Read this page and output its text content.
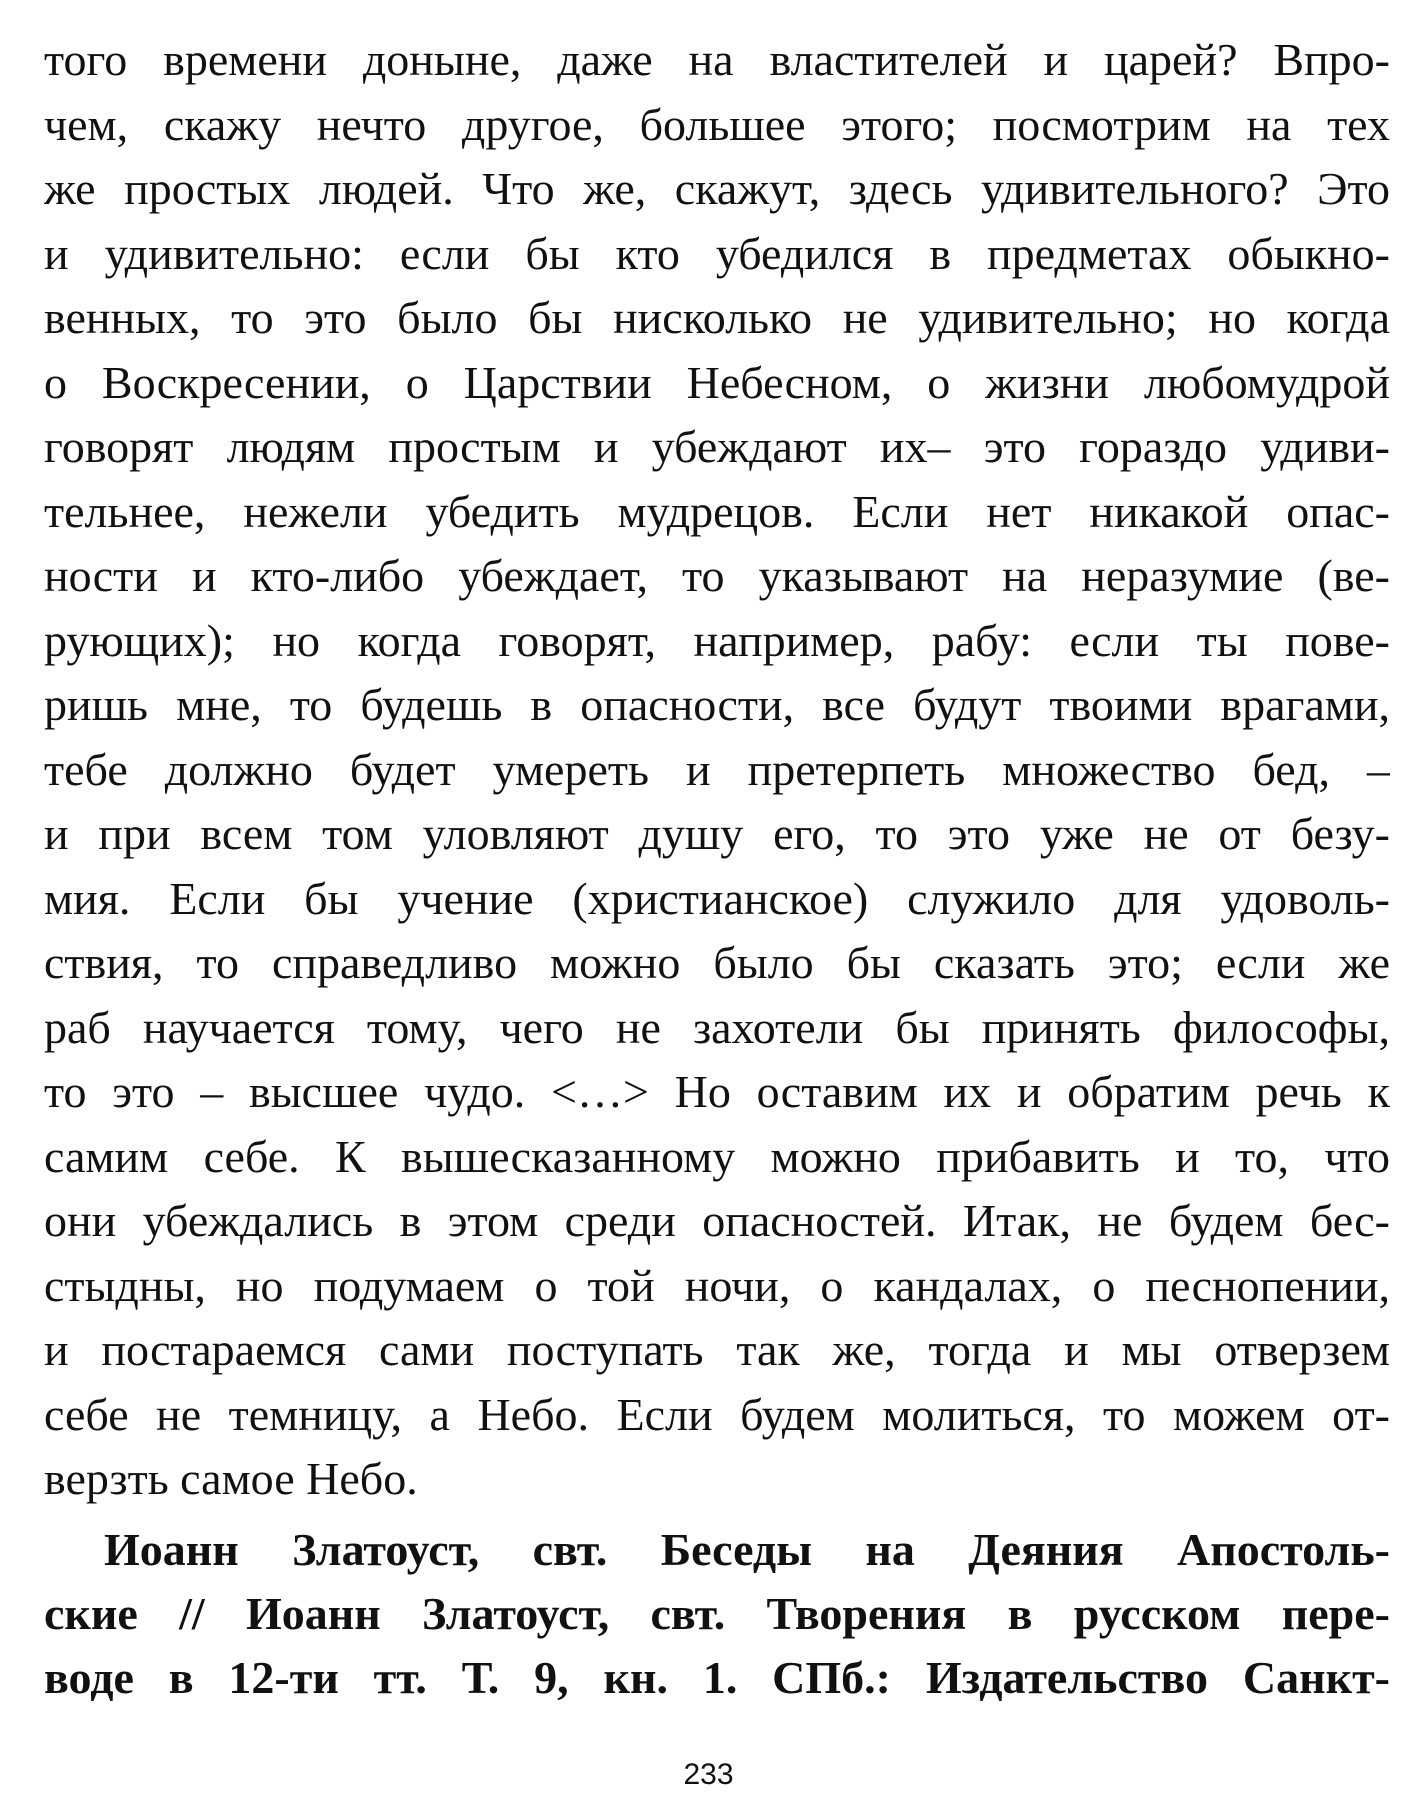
того времени доныне, даже на властителей и царей? Впро-
чем, скажу нечто другое, большее этого; посмотрим на тех
же простых людей. Что же, скажут, здесь удивительного? Это
и удивительно: если бы кто убедился в предметах обыкно-
венных, то это было бы нисколько не удивительно; но когда
о Воскресении, о Царствии Небесном, о жизни любомудрой
говорят людям простым и убеждают их– это гораздо удиви-
тельнее, нежели убедить мудрецов. Если нет никакой опас-
ности и кто-либо убеждает, то указывают на неразумие (ве-
рующих); но когда говорят, например, рабу: если ты пове-
ришь мне, то будешь в опасности, все будут твоими врагами,
тебе должно будет умереть и претерпеть множество бед, –
и при всем том уловляют душу его, то это уже не от безу-
мия. Если бы учение (христианское) служило для удоволь-
ствия, то справедливо можно было бы сказать это; если же
раб научается тому, чего не захотели бы принять философы,
то это – высшее чудо. <…> Но оставим их и обратим речь к
самим себе. К вышесказанному можно прибавить и то, что
они убеждались в этом среди опасностей. Итак, не будем бес-
стыдны, но подумаем о той ночи, о кандалах, о песнопении,
и постараемся сами поступать так же, тогда и мы отверзем
себе не темницу, а Небо. Если будем молиться, то можем от-
верзть самое Небо.
Иоанн Златоуст, свт. Беседы на Деяния Апостоль-
ские // Иоанн Златоуст, свт. Творения в русском пере-
воде в 12-ти тт. Т. 9, кн. 1. СПб.: Издательство Санкт-
233
